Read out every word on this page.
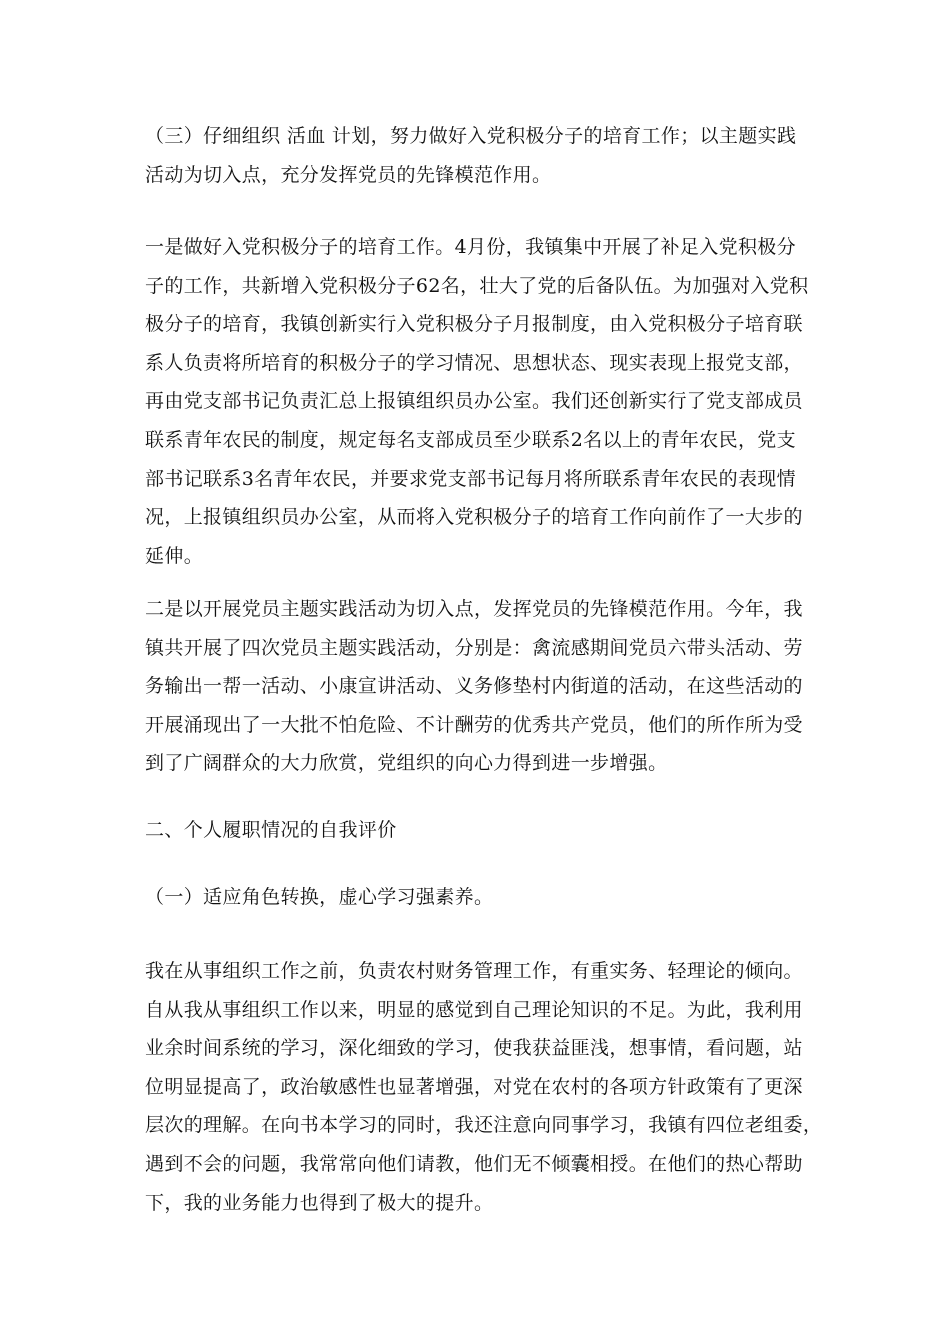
（三）仔细组织 活血 计划，努力做好入党积极分子的培育工作；以主题实践
活动为切入点，充分发挥党员的先锋模范作用。

一是做好入党积极分子的培育工作。4月份，我镇集中开展了补足入党积极分
子的工作，共新增入党积极分子62名，壮大了党的后备队伍。为加强对入党积
极分子的培育，我镇创新实行入党积极分子月报制度，由入党积极分子培育联
系人负责将所培育的积极分子的学习情况、思想状态、现实表现上报党支部，
再由党支部书记负责汇总上报镇组织员办公室。我们还创新实行了党支部成员
联系青年农民的制度，规定每名支部成员至少联系2名以上的青年农民，党支
部书记联系3名青年农民，并要求党支部书记每月将所联系青年农民的表现情
况，上报镇组织员办公室，从而将入党积极分子的培育工作向前作了一大步的
延伸。

二是以开展党员主题实践活动为切入点，发挥党员的先锋模范作用。今年，我
镇共开展了四次党员主题实践活动，分别是：禽流感期间党员六带头活动、劳
务输出一帮一活动、小康宣讲活动、义务修垫村内街道的活动，在这些活动的
开展涌现出了一大批不怕危险、不计酬劳的优秀共产党员，他们的所作所为受
到了广阔群众的大力欣赏，党组织的向心力得到进一步增强。

二、个人履职情况的自我评价

（一）适应角色转换，虚心学习强素养。

我在从事组织工作之前，负责农村财务管理工作，有重实务、轻理论的倾向。
自从我从事组织工作以来，明显的感觉到自己理论知识的不足。为此，我利用
业余时间系统的学习，深化细致的学习，使我获益匪浅，想事情，看问题，站
位明显提高了，政治敏感性也显著增强，对党在农村的各项方针政策有了更深
层次的理解。在向书本学习的同时，我还注意向同事学习，我镇有四位老组委，
遇到不会的问题，我常常向他们请教，他们无不倾囊相授。在他们的热心帮助
下，我的业务能力也得到了极大的提升。
